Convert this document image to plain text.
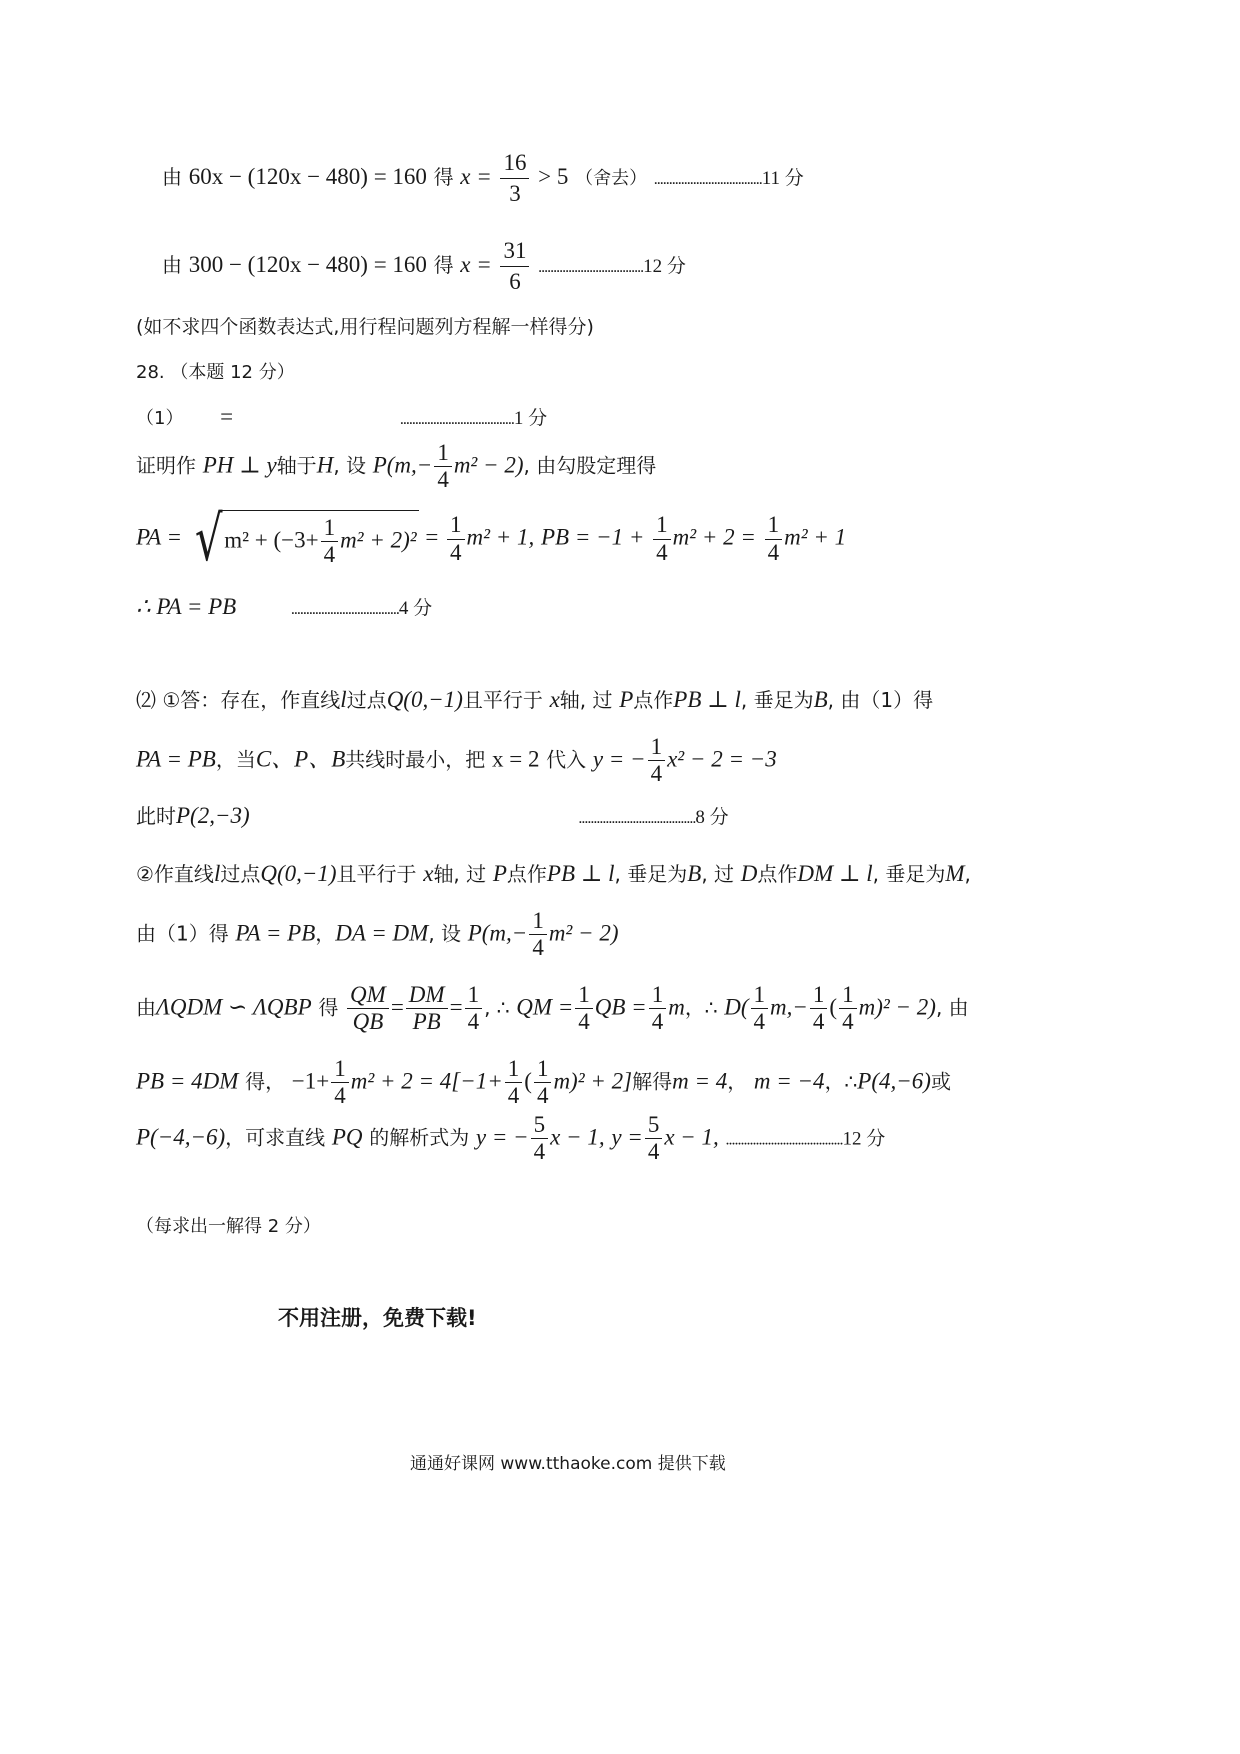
由 60x − (120x − 480) = 160 得 $x = \frac{16}{3} > 5$ （舍去） ....................................11 分
由 300 − (120x − 480) = 160 得 $x = \frac{31}{6} ...................................12$ 分
(如不求四个函数表达式,用行程问题列方程解一样得分)
28. （本题 12 分）
（1） =	......................................1 分
证明作 PH ⊥ y轴于H, 设 $P(m,- \frac{1}{4} m^2 - 2)$, 由勾股定理得
PA = $√m^2 + (-3+ \frac{1}{4} m^2 + 2)^2 = \frac{1}{4} m^2 + 1$, PB = $-1 + \frac{1}{4} m^2 + 2 = \frac{1}{4} m^2 + 1$
∴ PA = PB	....................................4 分
⑵ ①答：存在，作直线l过点Q(0,−1)且平行于 x轴, 过 P点作PB ⊥ l, 垂足为B, 由（1）得
PA = PB，当C、P、B共线时最小，把 x = 2 代入 y = − $\frac{1}{4} x^2 - 2 = -3$
此时P(2,−3)	.......................................8 分
②作直线l过点Q(0,−1)且平行于 x轴, 过 P点作PB ⊥ l, 垂足为B, 过 D点作DM ⊥ l, 垂足为M,
由（1）得 PA = PB，DA = DM, 设 $P(m,- \frac{1}{4} m^2 - 2)$
由ΛQDM ∽ ΛQBP 得 $\frac{QM}{QB} = \frac{DM}{PB} = \frac{1}{4}$ , ∴ QM = $\frac{1}{4}$ QB = $\frac{1}{4}$ m，∴ $D( \frac{1}{4} m,- \frac{1}{4}$ ( $\frac{1}{4} m)^2 - 2$), 由
PB = 4DM 得， $-1+ \frac{1}{4} m^2 + 2 = 4[-1+ \frac{1}{4}$ ( $\frac{1}{4} m)^2 + 2$]解得m = 4， m = −4，∴P(4,−6)或
P(−4,−6)，可求直线 PQ 的解析式为 y = − $\frac{5}{4}$ x − 1, $y = \frac{5}{4}$ x − 1, .......................................12 分
（每求出一解得 2 分）
不用注册，免费下载!
通通好课网 www.tthaoke.com 提供下载
